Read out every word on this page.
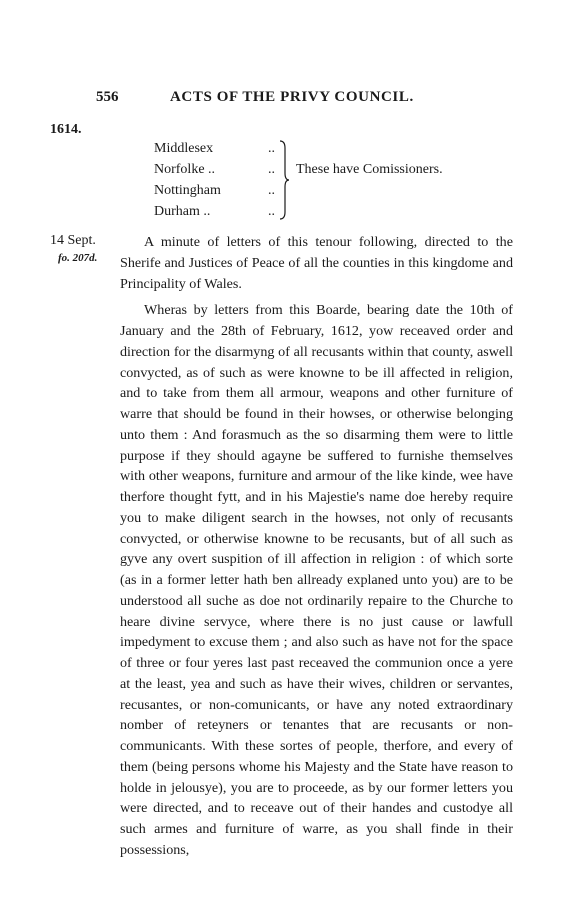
556	ACTS OF THE PRIVY COUNCIL.
1614.
Middlesex	..
Norfolke ..	..
Nottingham	..
Durham ..	..
These have Comissioners.
14 Sept.
fo. 207d.

A minute of letters of this tenour following, directed to the Sherife and Justices of Peace of all the counties in this kingdome and Principality of Wales.

Wheras by letters from this Boarde, bearing date the 10th of January and the 28th of February, 1612, yow receaved order and direction for the disarmyng of all recusants within that county, aswell convycted, as of such as were knowne to be ill affected in religion, and to take from them all armour, weapons and other furniture of warre that should be found in their howses, or otherwise belonging unto them : And forasmuch as the so disarming them were to little purpose if they should agayne be suffered to furnishe themselves with other weapons, furniture and armour of the like kinde, wee have therfore thought fytt, and in his Majestie's name doe hereby require you to make diligent search in the howses, not only of recusants convycted, or otherwise knowne to be recusants, but of all such as gyve any overt suspition of ill affection in religion : of which sorte (as in a former letter hath ben allready explaned unto you) are to be understood all suche as doe not ordinarily repaire to the Churche to heare divine servyce, where there is no just cause or lawfull impedyment to excuse them ; and also such as have not for the space of three or four yeres last past receaved the communion once a yere at the least, yea and such as have their wives, children or servantes, recusantes, or non-comunicants, or have any noted extraordinary nomber of reteyners or tenantes that are recusants or non-communicants. With these sortes of people, therfore, and every of them (being persons whome his Majesty and the State have reason to holde in jelousye), you are to proceede, as by our former letters you were directed, and to receave out of their handes and custodye all such armes and furniture of warre, as you shall finde in their possessions,
